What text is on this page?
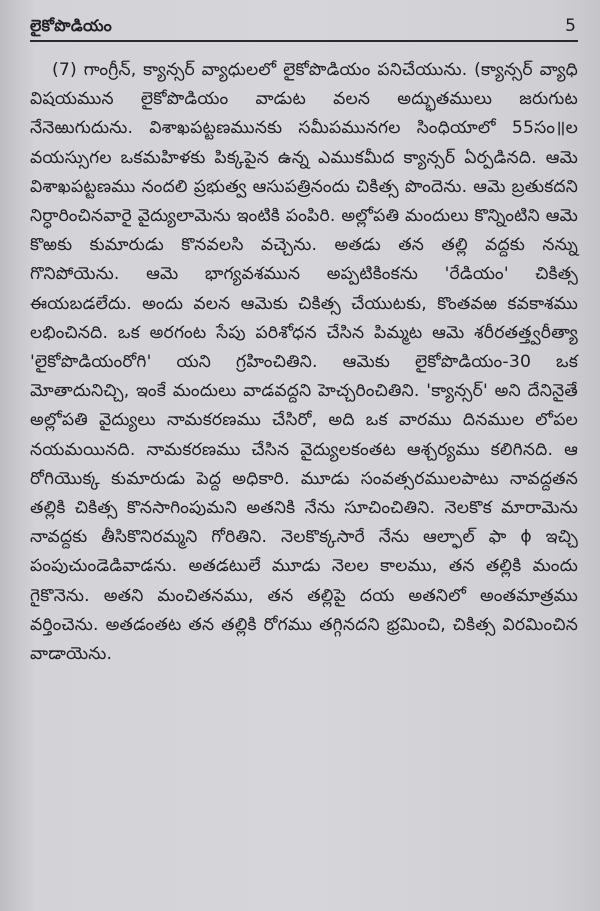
లైకోపొడియం	5

(7) గాంగ్రీన్, క్యాన్సర్ వ్యాధులలో లైకోపొడియం పనిచేయును. (క్యాన్సర్ వ్యాధి విషయమున లైకోపొడియం వాడుట వలన అద్భుతములు జరుగుట నేనెఱుగుదును. విశాఖపట్టణమునకు సమీపమునగల సింధియాలో 55సం॥ల వయస్సుగల ఒకమహిళకు పిక్కపైన ఉన్న ఎముకమీద క్యాన్సర్ ఏర్పడినది. ఆమె విశాఖపట్టణము నందలి ప్రభుత్వ ఆసుపత్రినందు చికిత్స పొందెను. ఆమె బ్రతుకదని నిర్ధారించినవారై వైద్యులామెను ఇంటికి పంపిరి. అల్లోపతి మందులు కొన్నింటిని ఆమె కొఱకు కుమారుడు కొనవలసి వచ్చెను. అతడు తన తల్లి వద్దకు నన్ను గొనిపోయెను. ఆమె భాగ్యవశమున అప్పటికింకను 'రేడియం' చికిత్స ఈయబడలేదు. అందు వలన ఆమెకు చికిత్స చేయుటకు, కొంతవఱ కవకాశము లభించినది. ఒక అరగంట సేపు పరిశోధన చేసిన పిమ్మట ఆమె శరీరతత్త్వరీత్యా 'లైకోపొడియంరోగి' యని గ్రహించితిని. ఆమెకు లైకోపొడియం-30 ఒక మోతాదునిచ్చి, ఇంకే మందులు వాడవద్దని హెచ్చరించితిని. 'క్యాన్సర్' అని దేనినైతే అల్లోపతి వైద్యులు నామకరణము చేసిరో, అది ఒక వారము దినముల లోపల నయమయినది. నామకరణము చేసిన వైద్యులకంతట ఆశ్చర్యము కలిగినది. ఆ రోగియొక్క కుమారుడు పెద్ద అధికారి. మూడు సంవత్సరములపాటు నావద్దతన తల్లికి చికిత్స కొనసాగింపుమని అతనికి నేను సూచించితిని. నెలకొక మారామెను నావద్దకు తీసికొనిరమ్మని గోరితిని. నెలకొక్కసారే నేను ఆల్ఫాల్ ఫా ϕ ఇచ్చి పంపుచుండెడివాడను. అతడటులే మూడు నెలల కాలము, తన తల్లికి మందు గైకొనెను. అతని మంచితనము, తన తల్లిపై దయ అతనిలో అంతమాత్రము వర్తించెను. అతడంతట తన తల్లికి రోగము తగ్గినదని భ్రమించి, చికిత్స విరమించిన వాడాయెను.
